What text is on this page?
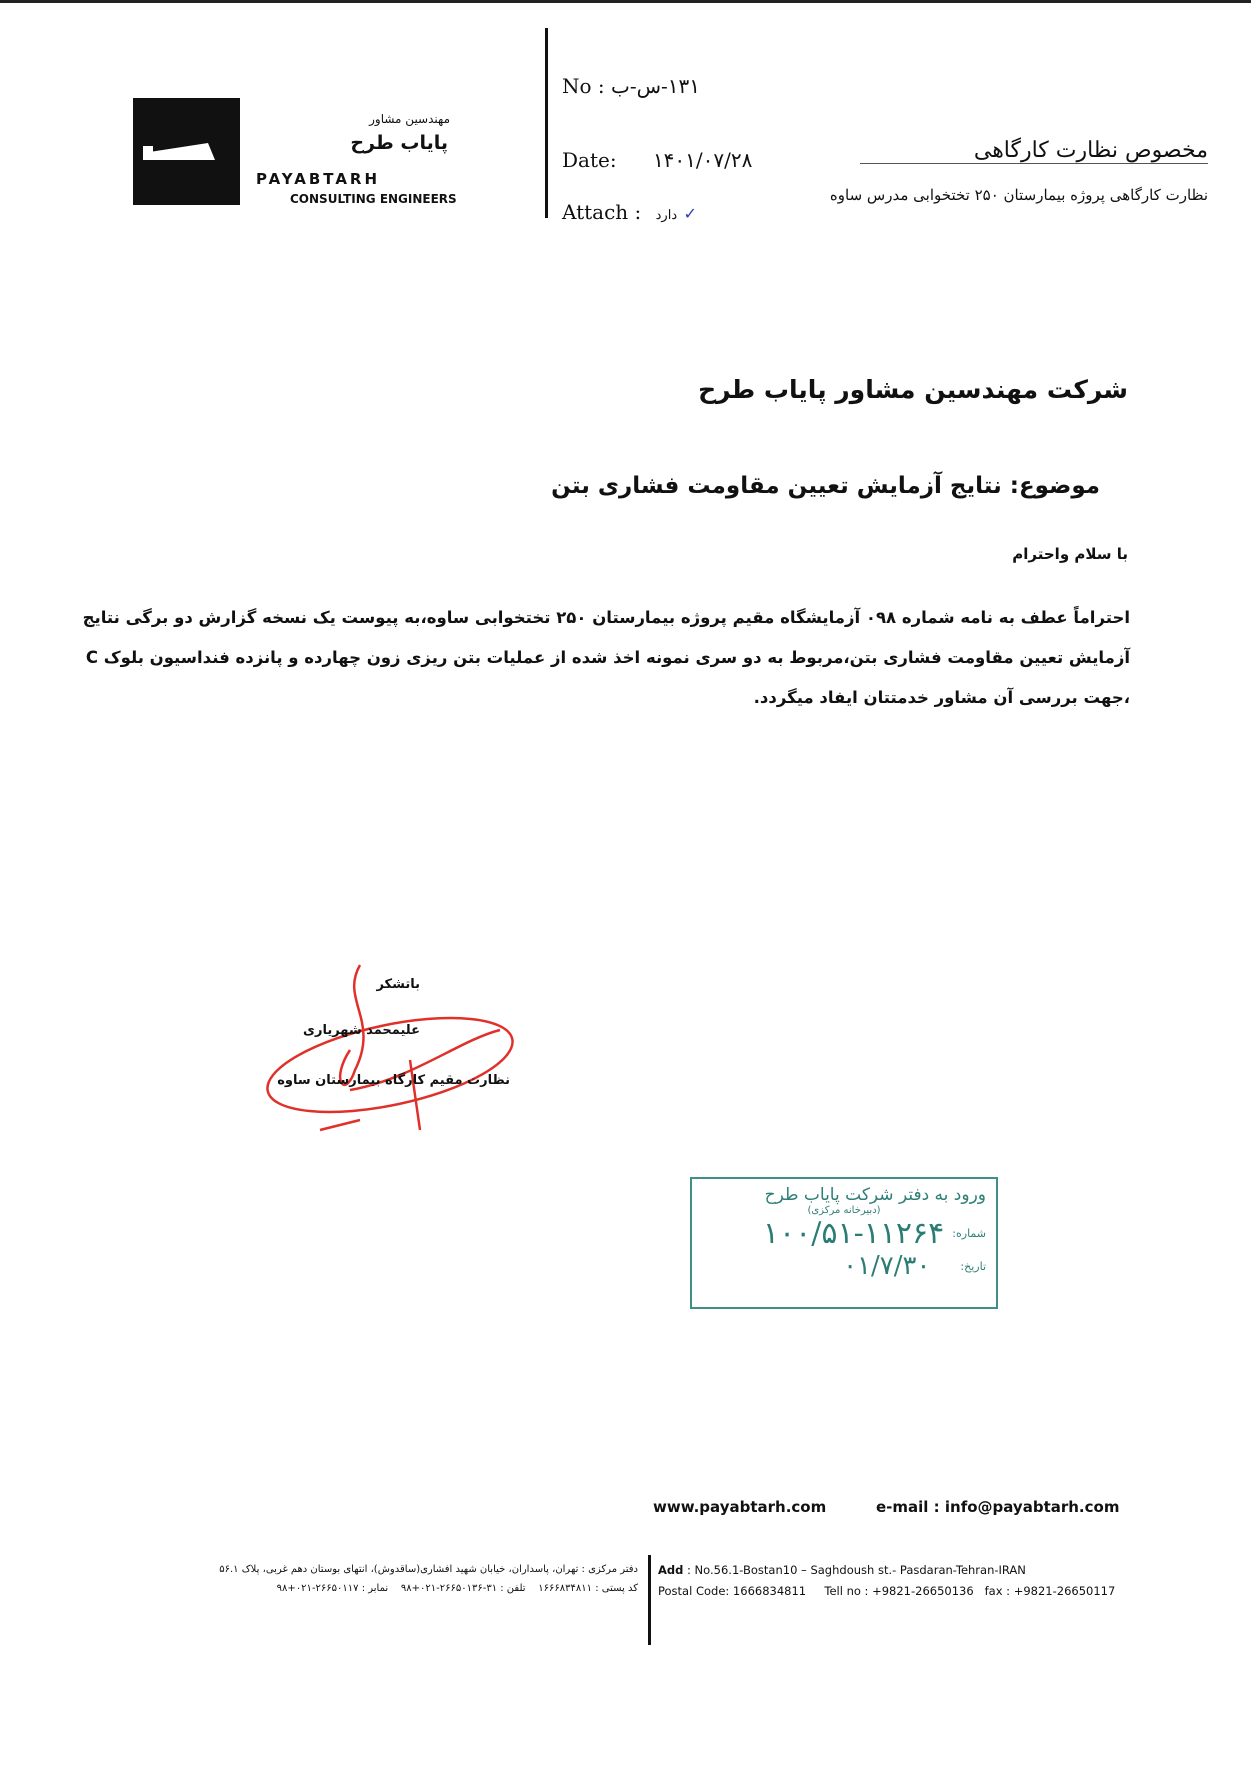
مهندسین مشاور
پایاب طرح
PAYABTARH
CONSULTING ENGINEERS
No : ۱۳۱-س-ب
Date: ۱۴۰۱/۰۷/۲۸
Attach : دارد ✓
مخصوص نظارت کارگاهی
نظارت کارگاهی پروژه بیمارستان ۲۵۰ تختخوابی مدرس ساوه
شرکت مهندسین مشاور پایاب طرح
موضوع: نتایج آزمایش تعیین مقاومت فشاری بتن
با سلام واحترام
احتراماً عطف به نامه شماره ۰۹۸ آزمایشگاه مقیم پروژه بیمارستان ۲۵۰ تختخوابی ساوه،به پیوست یک نسخه گزارش دو برگی نتایج آزمایش تعیین مقاومت فشاری بتن،مربوط به دو سری نمونه اخذ شده از عملیات بتن ریزی زون چهارده و پانزده فنداسیون بلوک C ،جهت بررسی آن مشاور خدمتتان ایفاد میگردد.
باتشکر
علیمحمد شهریاری
نظارت مقیم کارگاه بیمارستان ساوه
ورود به دفتر شرکت پایاب طرح
(دبیرخانه مرکزی)
شماره:
۱۰۰/۵۱-۱۱۲۶۴
تاریخ:
۰۱/۷/۳۰
www.payabtarh.com	e-mail : info@payabtarh.com
دفتر مرکزی : تهران، پاسداران، خیابان شهید افشاری(ساقدوش)، انتهای بوستان دهم غربی، پلاک ۵۶.۱
کد پستی : ۱۶۶۶۸۳۴۸۱۱    تلفن : ۳۱-۲۶۶۵۰۱۳۶-۰۲۱+۹۸    نمابر : ۲۶۶۵۰۱۱۷-۰۲۱+۹۸
Add : No.56.1-Bostan10 – Saghdoush st.- Pasdaran-Tehran-IRAN
Postal Code: 1666834811     Tell no : +9821-26650136   fax : +9821-26650117
